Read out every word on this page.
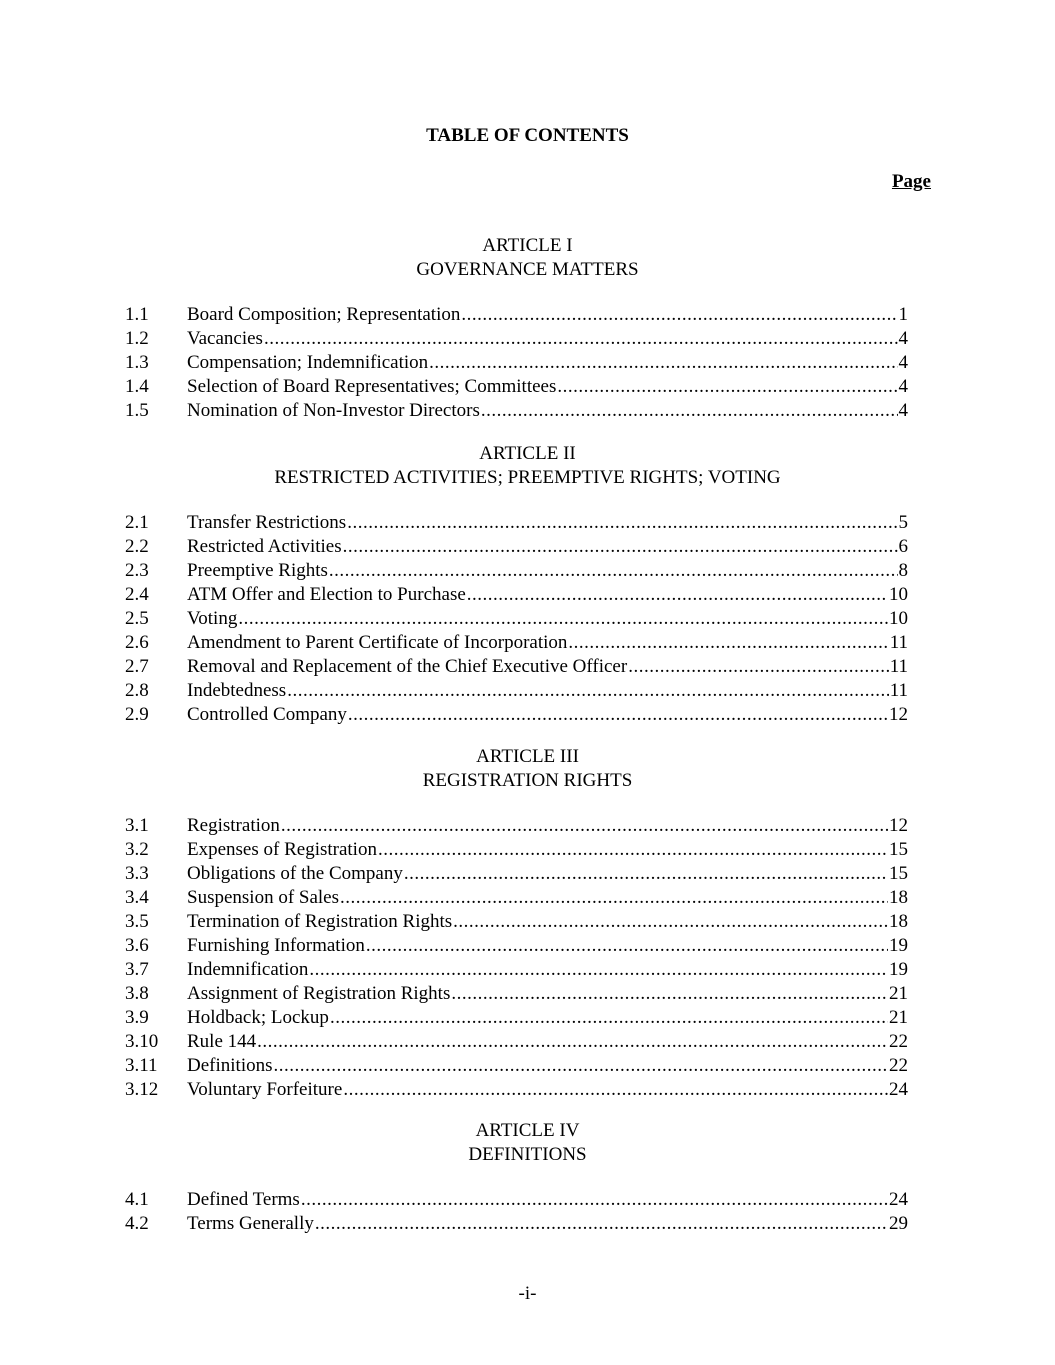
TABLE OF CONTENTS
Page
ARTICLE I
GOVERNANCE MATTERS
1.1 Board Composition; Representation .....	1
1.2 Vacancies .....	4
1.3 Compensation; Indemnification .....	4
1.4 Selection of Board Representatives; Committees .....	4
1.5 Nomination of Non-Investor Directors .....	4
ARTICLE II
RESTRICTED ACTIVITIES; PREEMPTIVE RIGHTS; VOTING
2.1 Transfer Restrictions .....	5
2.2 Restricted Activities .....	6
2.3 Preemptive Rights .....	8
2.4 ATM Offer and Election to Purchase .....	10
2.5 Voting .....	10
2.6 Amendment to Parent Certificate of Incorporation .....	11
2.7 Removal and Replacement of the Chief Executive Officer .....	11
2.8 Indebtedness .....	11
2.9 Controlled Company .....	12
ARTICLE III
REGISTRATION RIGHTS
3.1 Registration .....	12
3.2 Expenses of Registration .....	15
3.3 Obligations of the Company .....	15
3.4 Suspension of Sales .....	18
3.5 Termination of Registration Rights .....	18
3.6 Furnishing Information .....	19
3.7 Indemnification .....	19
3.8 Assignment of Registration Rights .....	21
3.9 Holdback; Lockup .....	21
3.10 Rule 144 .....	22
3.11 Definitions .....	22
3.12 Voluntary Forfeiture .....	24
ARTICLE IV
DEFINITIONS
4.1 Defined Terms .....	24
4.2 Terms Generally .....	29
-i-
